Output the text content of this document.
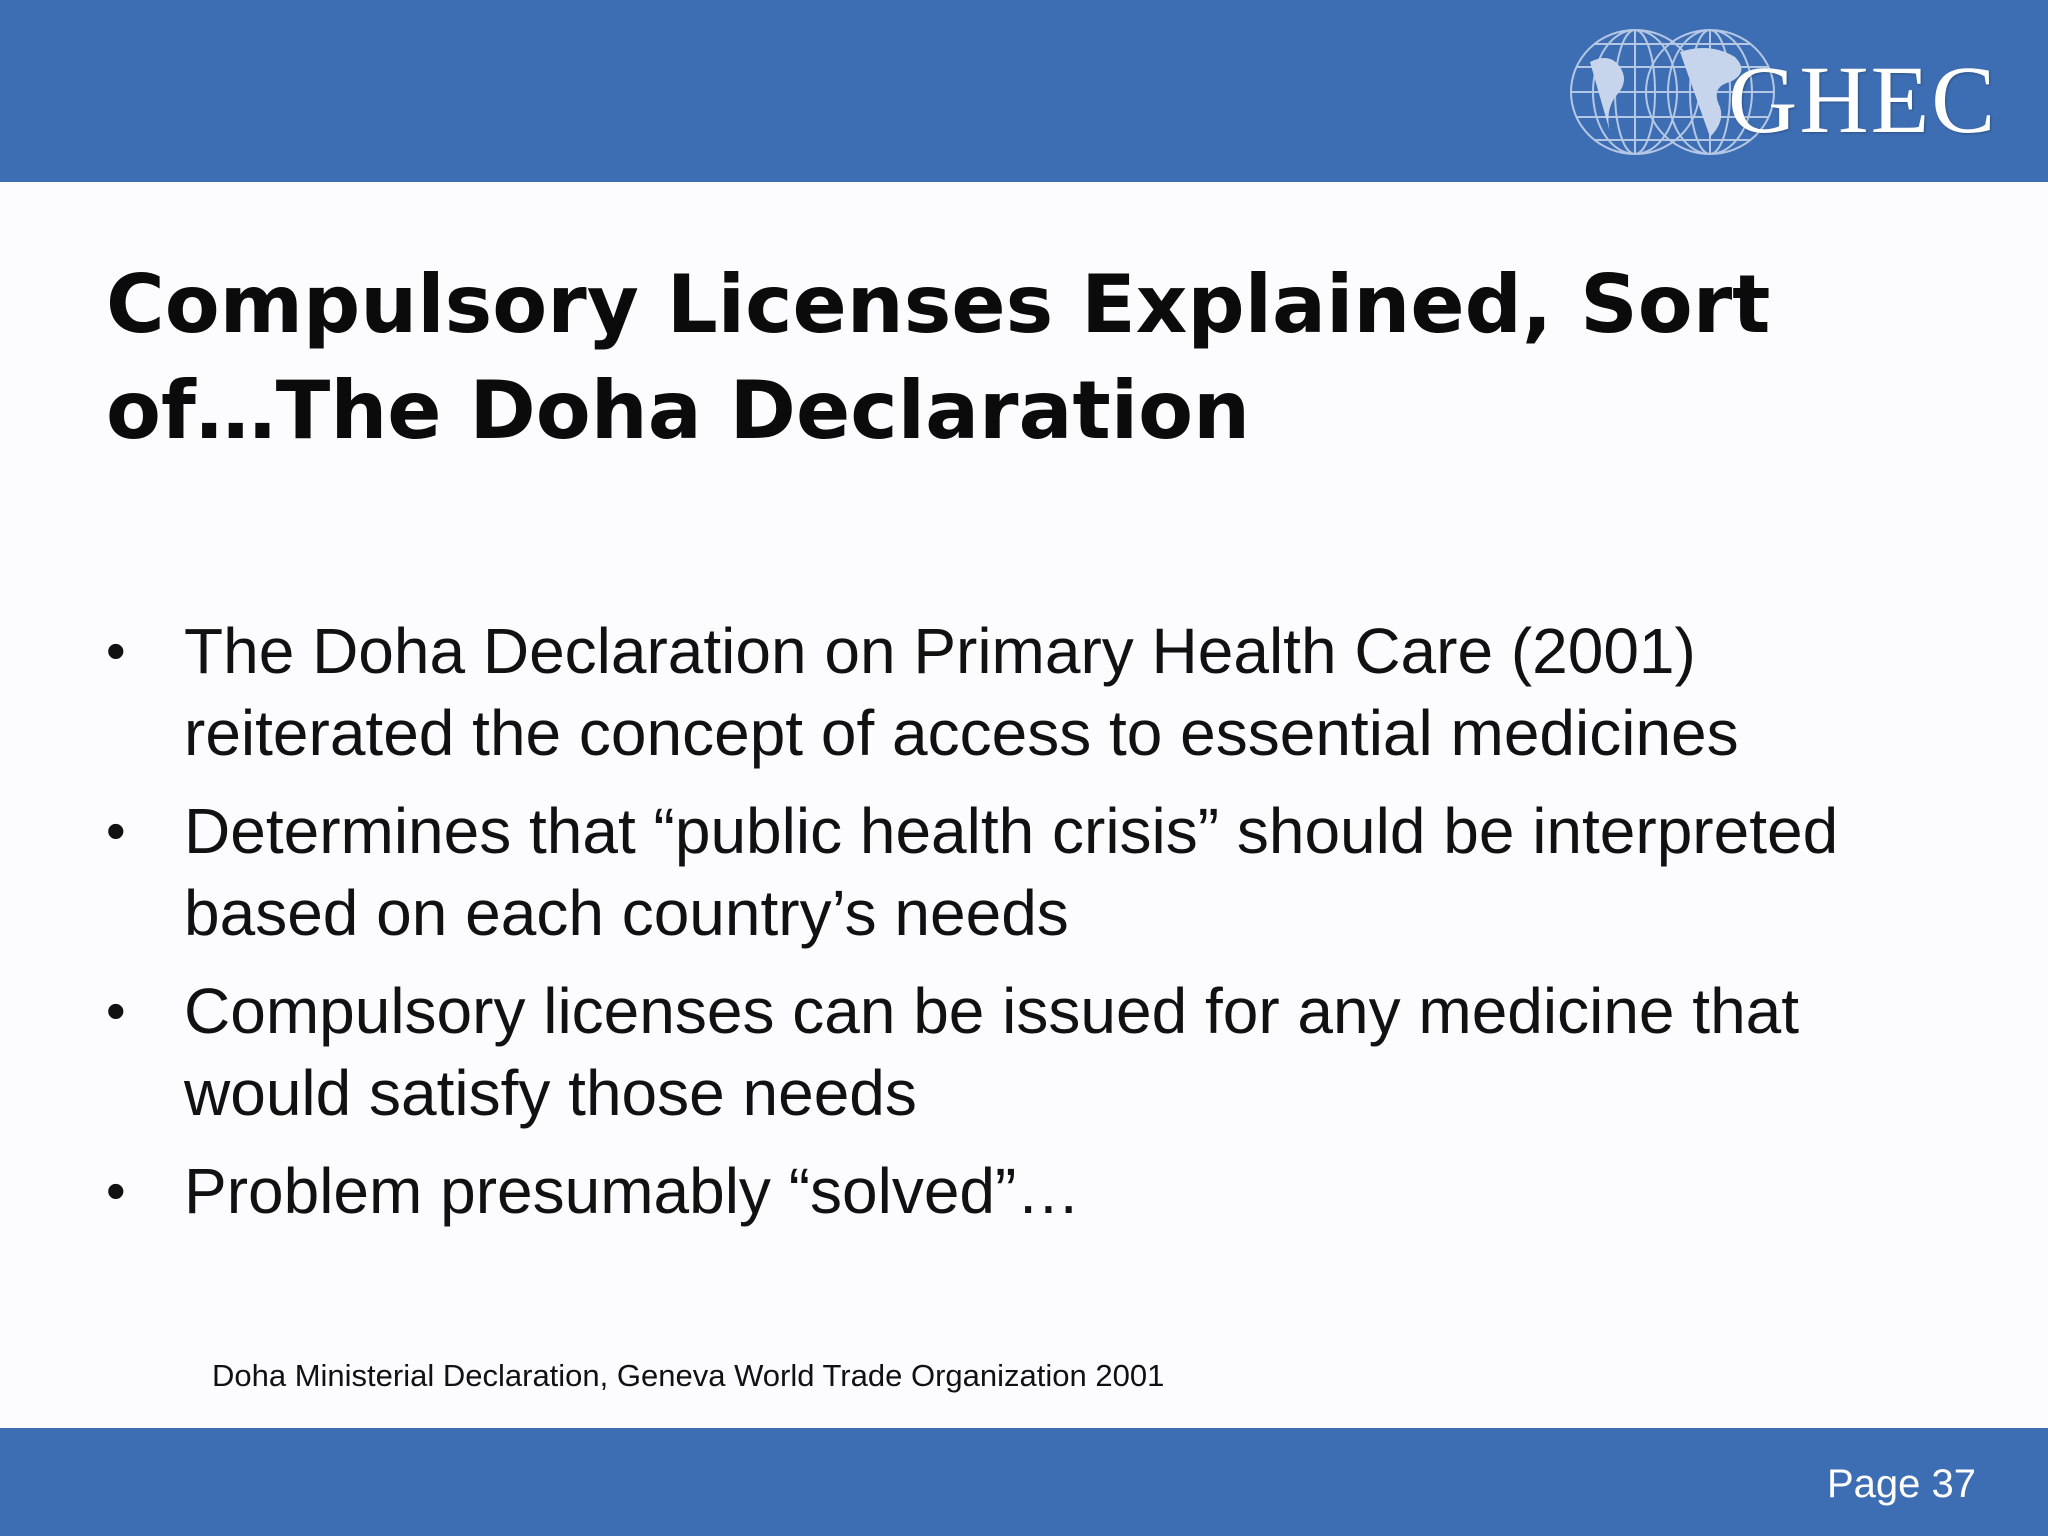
GHEC
Compulsory Licenses Explained, Sort
of…The Doha Declaration
• The Doha Declaration on Primary Health Care (2001) reiterated the concept of access to essential medicines
• Determines that “public health crisis” should be interpreted based on each country’s needs
• Compulsory licenses can be issued for any medicine that would satisfy those needs
• Problem presumably “solved”…
Doha Ministerial Declaration, Geneva World Trade Organization 2001
Page 37
